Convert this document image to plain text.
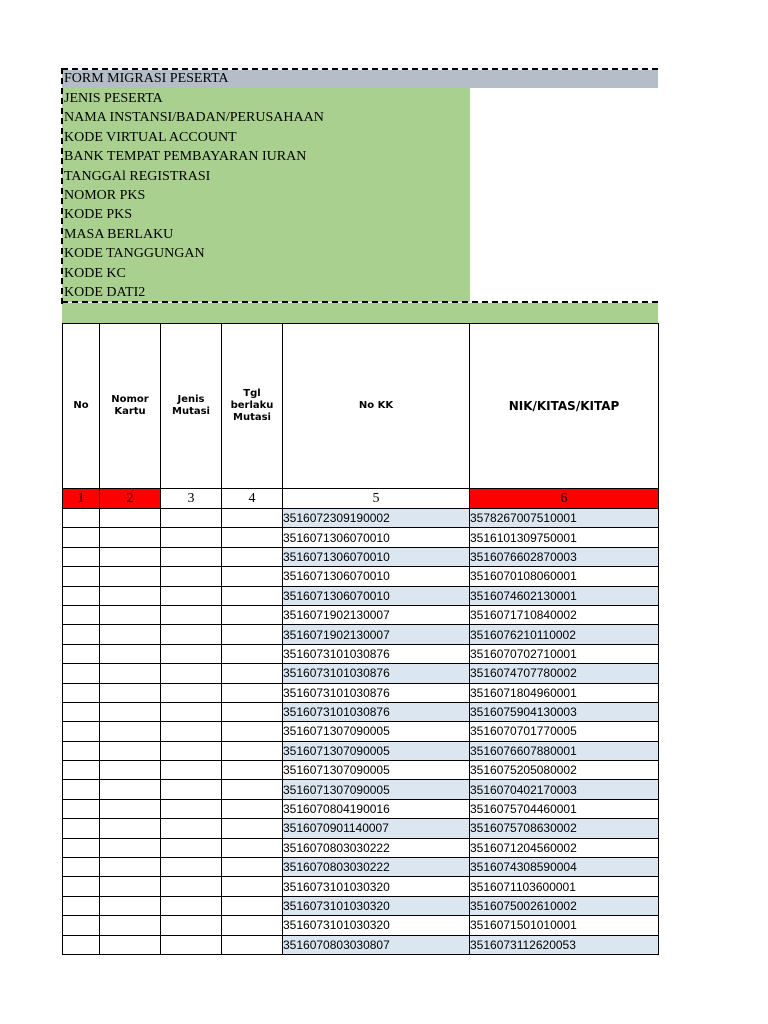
FORM MIGRASI PESERTA
JENIS PESERTA
NAMA INSTANSI/BADAN/PERUSAHAAN
KODE VIRTUAL ACCOUNT
BANK TEMPAT PEMBAYARAN IURAN
TANGGAl REGISTRASI
NOMOR PKS
KODE PKS
MASA BERLAKU
KODE TANGGUNGAN
KODE KC
KODE DATI2
No	Nomor Kartu	Jenis Mutasi	Tgl berlaku Mutasi	No KK	NIK/KITAS/KITAP
1	2	3	4	5	6
				3516072309190002	3578267007510001
				3516071306070010	3516101309750001
				3516071306070010	3516076602870003
				3516071306070010	3516070108060001
				3516071306070010	3516074602130001
				3516071902130007	3516071710840002
				3516071902130007	3516076210110002
				3516073101030876	3516070702710001
				3516073101030876	3516074707780002
				3516073101030876	3516071804960001
				3516073101030876	3516075904130003
				3516071307090005	3516070701770005
				3516071307090005	3516076607880001
				3516071307090005	3516075205080002
				3516071307090005	3516070402170003
				3516070804190016	3516075704460001
				3516070901140007	3516075708630002
				3516070803030222	3516071204560002
				3516070803030222	3516074308590004
				3516073101030320	3516071103600001
				3516073101030320	3516075002610002
				3516073101030320	3516071501010001
				3516070803030807	3516073112620053
